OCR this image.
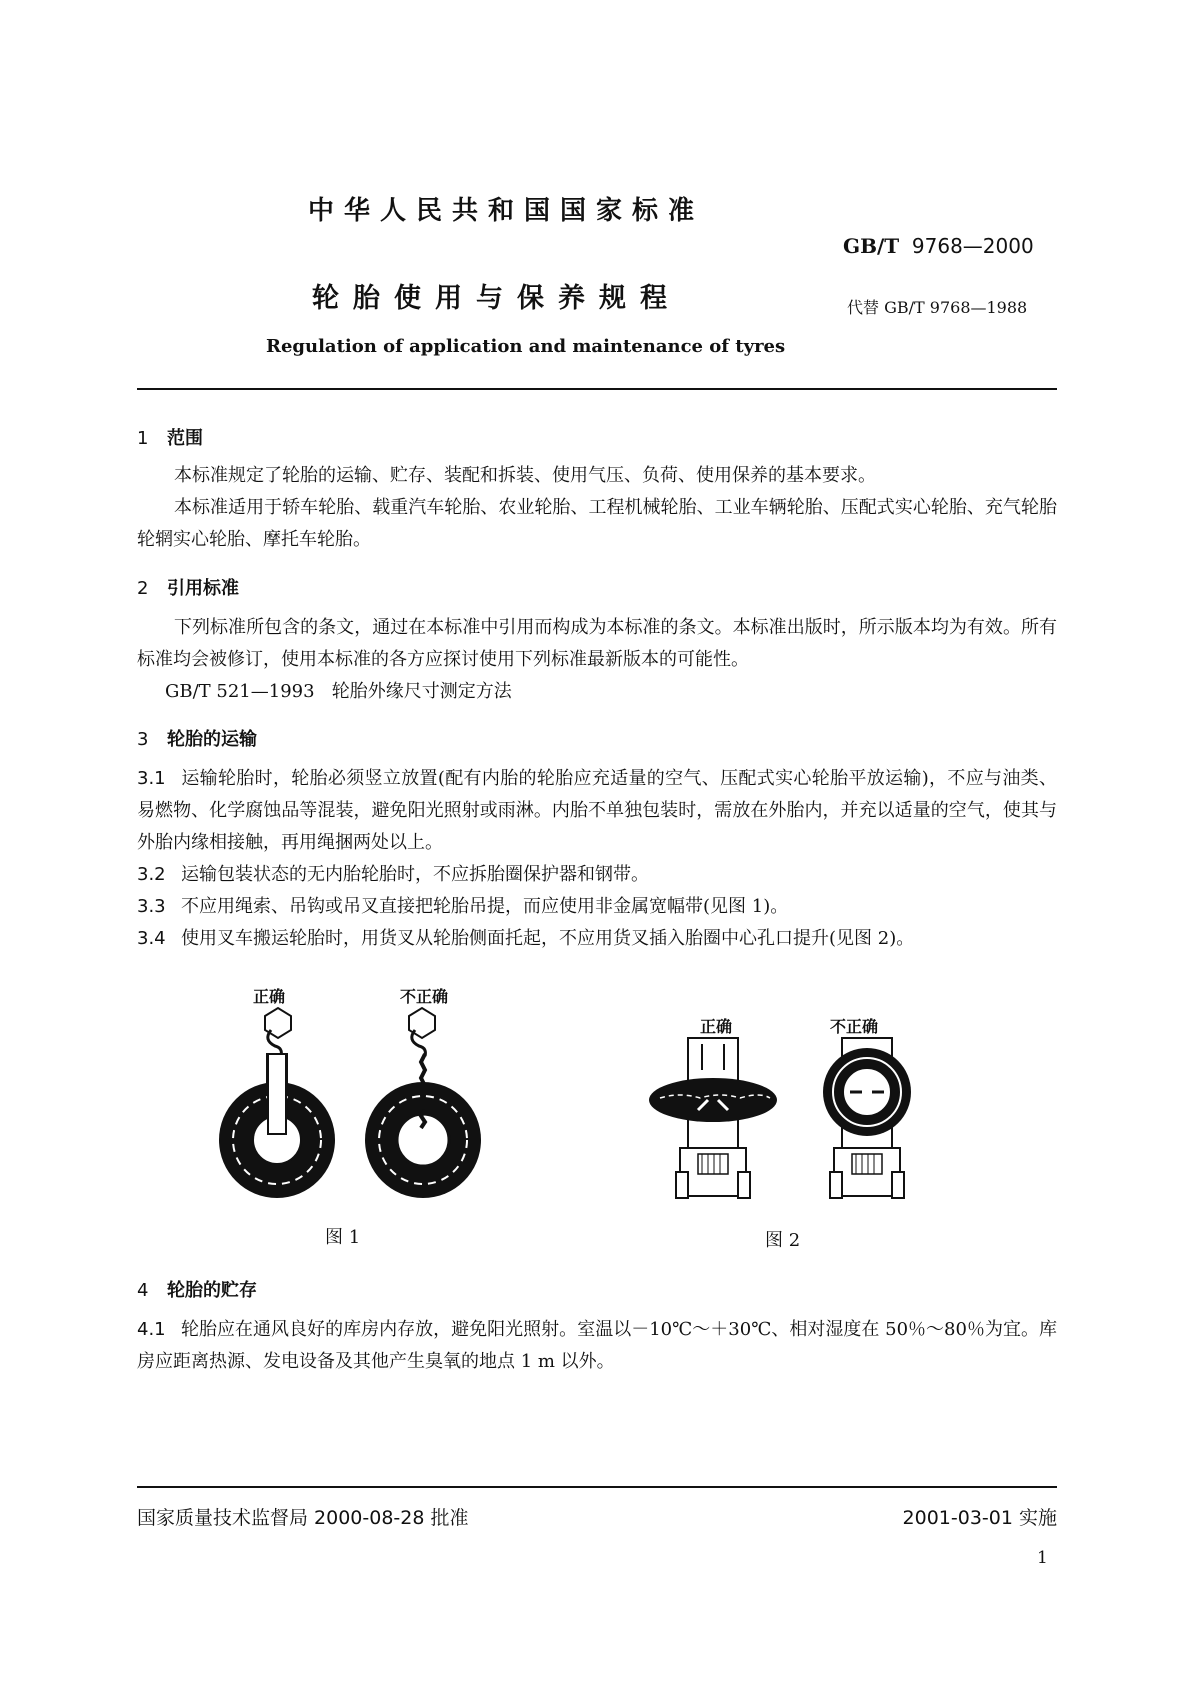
中华人民共和国国家标准
GB/T 9768—2000
轮胎使用与保养规程	代替 GB/T 9768—1988
Regulation of application and maintenance of tyres
1 范围

本标准规定了轮胎的运输、贮存、装配和拆装、使用气压、负荷、使用保养的基本要求。

本标准适用于轿车轮胎、载重汽车轮胎、农业轮胎、工程机械轮胎、工业车辆轮胎、压配式实心轮胎、充气轮胎轮辋实心轮胎、摩托车轮胎。

2 引用标准

下列标准所包含的条文，通过在本标准中引用而构成为本标准的条文。本标准出版时，所示版本均为有效。所有标准均会被修订，使用本标准的各方应探讨使用下列标准最新版本的可能性。

GB/T 521—1993 轮胎外缘尺寸测定方法

3 轮胎的运输

3.1 运输轮胎时，轮胎必须竖立放置(配有内胎的轮胎应充适量的空气、压配式实心轮胎平放运输)，不应与油类、易燃物、化学腐蚀品等混装，避免阳光照射或雨淋。内胎不单独包装时，需放在外胎内，并充以适量的空气，使其与外胎内缘相接触，再用绳捆两处以上。

3.2 运输包装状态的无内胎轮胎时，不应拆胎圈保护器和钢带。

3.3 不应用绳索、吊钩或吊叉直接把轮胎吊提，而应使用非金属宽幅带(见图 1)。

3.4 使用叉车搬运轮胎时，用货叉从轮胎侧面托起，不应用货叉插入胎圈中心孔口提升(见图 2)。

正确	不正确
图 1
正确	不正确
图 2
4 轮胎的贮存

4.1 轮胎应在通风良好的库房内存放，避免阳光照射。室温以－10℃～＋30℃、相对湿度在 50％～80％为宜。库房应距离热源、发电设备及其他产生臭氧的地点 1 m 以外。

国家质量技术监督局 2000-08-28 批准	2001-03-01 实施
1
